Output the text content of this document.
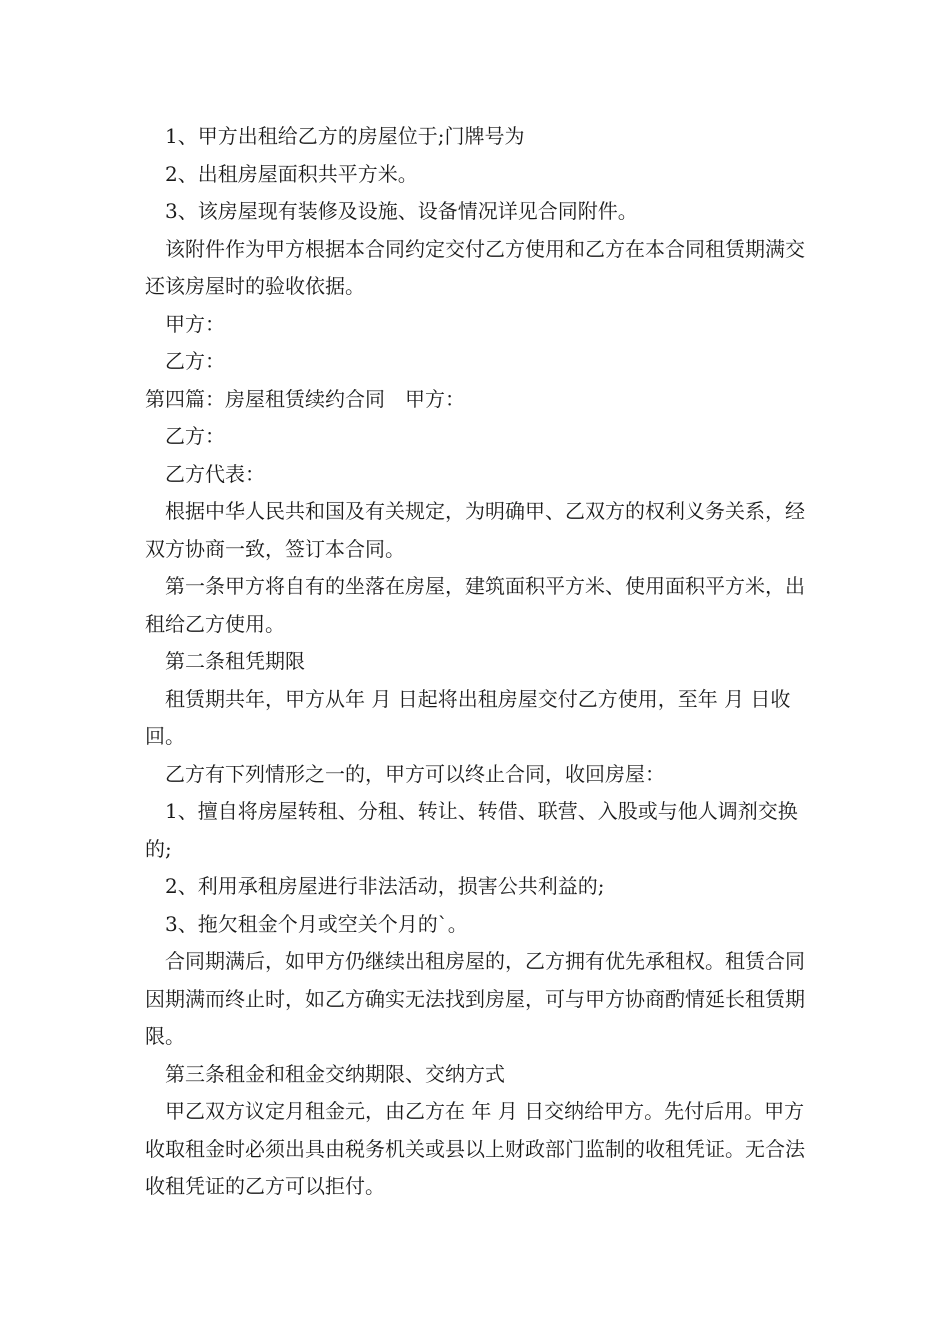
1、甲方出租给乙方的房屋位于;门牌号为

2、出租房屋面积共平方米。

3、该房屋现有装修及设施、设备情况详见合同附件。

该附件作为甲方根据本合同约定交付乙方使用和乙方在本合同租赁期满交还该房屋时的验收依据。

甲方：

乙方：

第四篇：房屋租赁续约合同　甲方：

乙方：

乙方代表：

根据中华人民共和国及有关规定，为明确甲、乙双方的权利义务关系，经双方协商一致，签订本合同。

第一条甲方将自有的坐落在房屋，建筑面积平方米、使用面积平方米，出租给乙方使用。

第二条租凭期限

租赁期共年，甲方从年 月 日起将出租房屋交付乙方使用，至年 月 日收回。

乙方有下列情形之一的，甲方可以终止合同，收回房屋：

1、擅自将房屋转租、分租、转让、转借、联营、入股或与他人调剂交换的;

2、利用承租房屋进行非法活动，损害公共利益的;

3、拖欠租金个月或空关个月的`。

合同期满后，如甲方仍继续出租房屋的，乙方拥有优先承租权。租赁合同因期满而终止时，如乙方确实无法找到房屋，可与甲方协商酌情延长租赁期限。

第三条租金和租金交纳期限、交纳方式

甲乙双方议定月租金元，由乙方在 年 月 日交纳给甲方。先付后用。甲方收取租金时必须出具由税务机关或县以上财政部门监制的收租凭证。无合法收租凭证的乙方可以拒付。
